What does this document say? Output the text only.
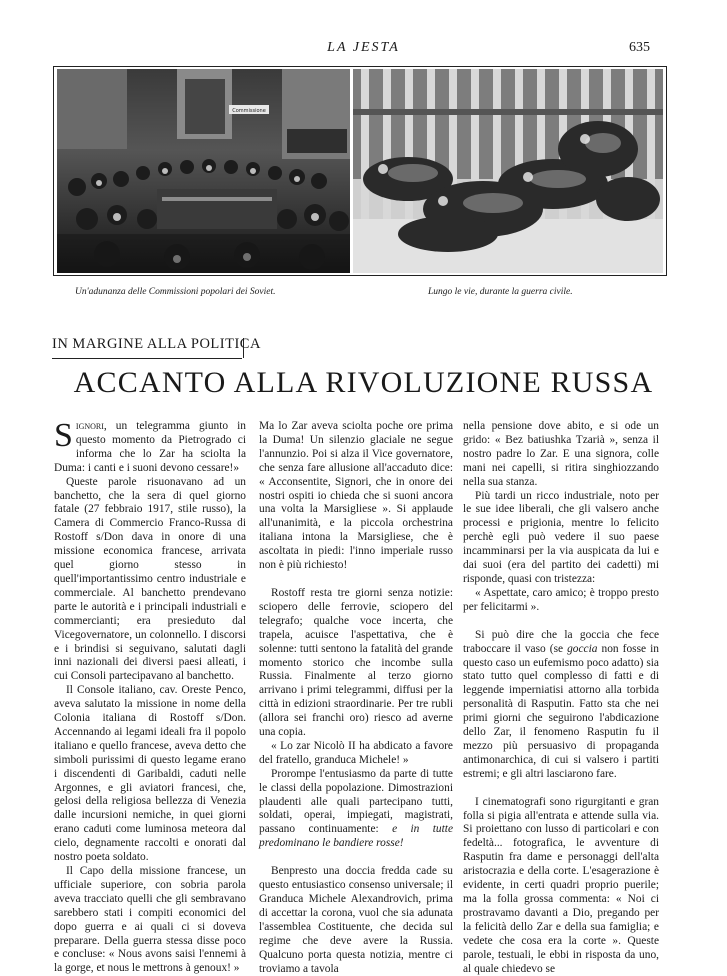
LA JESTA	635
Commissione
Un'adunanza delle Commissioni popolari dei Soviet.	Lungo le vie, durante la guerra civile.
IN MARGINE ALLA POLITICA
ACCANTO ALLA RIVOLUZIONE RUSSA

Signori, un telegramma giunto in questo momento da Pietrogrado ci informa che lo Zar ha sciolta la Duma: i canti e i suoni devono cessare!»

Queste parole risuonavano ad un banchetto, che la sera di quel giorno fatale (27 febbraio 1917, stile russo), la Camera di Commercio Franco-Russa di Rostoff s/Don dava in onore di una missione economica francese, arrivata quel giorno stesso in quell'importantissimo centro industriale e commerciale. Al banchetto prendevano parte le autorità e i principali industriali e commercianti; era presieduto dal Vicegovernatore, un colonnello. I discorsi e i brindisi si seguivano, salutati dagli inni nazionali dei diversi paesi alleati, i cui Consoli partecipavano al banchetto.

Il Console italiano, cav. Oreste Penco, aveva salutato la missione in nome della Colonia italiana di Rostoff s/Don. Accennando ai legami ideali fra il popolo italiano e quello francese, aveva detto che simboli purissimi di questo legame erano i discendenti di Garibaldi, caduti nelle Argonnes, e gli aviatori francesi, che, gelosi della religiosa bellezza di Venezia dalle incursioni nemiche, in quei giorni erano caduti come luminosa meteora dal cielo, degnamente raccolti e onorati dal nostro poeta soldato.

Il Capo della missione francese, un ufficiale superiore, con sobria parola aveva tracciato quelli che gli sembravano sarebbero stati i compiti economici del dopo guerra e ai quali ci si doveva preparare. Della guerra stessa disse poco e concluse: « Nous avons saisi l'ennemi à la gorge, et nous le mettrons à genoux! »

Ma lo Zar aveva sciolta poche ore prima la Duma! Un silenzio glaciale ne segue l'annunzio. Poi si alza il Vice governatore, che senza fare allusione all'accaduto dice: « Acconsentite, Signori, che in onore dei nostri ospiti io chieda che si suoni ancora una volta la Marsigliese ». Si applaude all'unanimità, e la piccola orchestrina italiana intona la Marsigliese, che è ascoltata in piedi: l'inno imperiale russo non è più richiesto!

Rostoff resta tre giorni senza notizie: sciopero delle ferrovie, sciopero del telegrafo; qualche voce incerta, che trapela, acuisce l'aspettativa, che è solenne: tutti sentono la fatalità del grande momento storico che incombe sulla Russia. Finalmente al terzo giorno arrivano i primi telegrammi, diffusi per la città in edizioni straordinarie. Per tre rubli (allora sei franchi oro) riesco ad averne una copia.

« Lo zar Nicolò II ha abdicato a favore del fratello, granduca Michele! »

Prorompe l'entusiasmo da parte di tutte le classi della popolazione. Dimostrazioni plaudenti alle quali partecipano tutti, soldati, operai, impiegati, magistrati, passano continuamente: e in tutte predominano le bandiere rosse!

Benpresto una doccia fredda cade su questo entusiastico consenso universale; il Granduca Michele Alexandrovich, prima di accettar la corona, vuol che sia adunata l'assemblea Costituente, che decida sul regime che deve avere la Russia. Qualcuno porta questa notizia, mentre ci troviamo a tavola

nella pensione dove abito, e si ode un grido: « Bez batiushka Tzarià », senza il nostro padre lo Zar. E una signora, colle mani nei capelli, si ritira singhiozzando nella sua stanza.

Più tardi un ricco industriale, noto per le sue idee liberali, che gli valsero anche processi e prigionia, mentre lo felicito perchè egli può vedere il suo paese incamminarsi per la via auspicata da lui e dai suoi (era del partito dei cadetti) mi risponde, quasi con tristezza:

« Aspettate, caro amico; è troppo presto per felicitarmi ».

Si può dire che la goccia che fece traboccare il vaso (se goccia non fosse in questo caso un eufemismo poco adatto) sia stato tutto quel complesso di fatti e di leggende imperniatisi attorno alla torbida personalità di Rasputin. Fatto sta che nei primi giorni che seguirono l'abdicazione dello Zar, il fenomeno Rasputin fu il mezzo più persuasivo di propaganda antimonarchica, di cui si valsero i partiti estremi; e gli altri lasciarono fare.

I cinematografi sono rigurgitanti e gran folla si pigia all'entrata e attende sulla via. Si proiettano con lusso di particolari e con fedeltà... fotografica, le avventure di Rasputin fra dame e personaggi dell'alta aristocrazia e della corte. L'esagerazione è evidente, in certi quadri proprio puerile; ma la folla grossa commenta: « Noi ci prostravamo davanti a Dio, pregando per la felicità dello Zar e della sua famiglia; e vedete che cosa era la corte ». Queste parole, testuali, le ebbi in risposta da uno, al quale chiedevo se
